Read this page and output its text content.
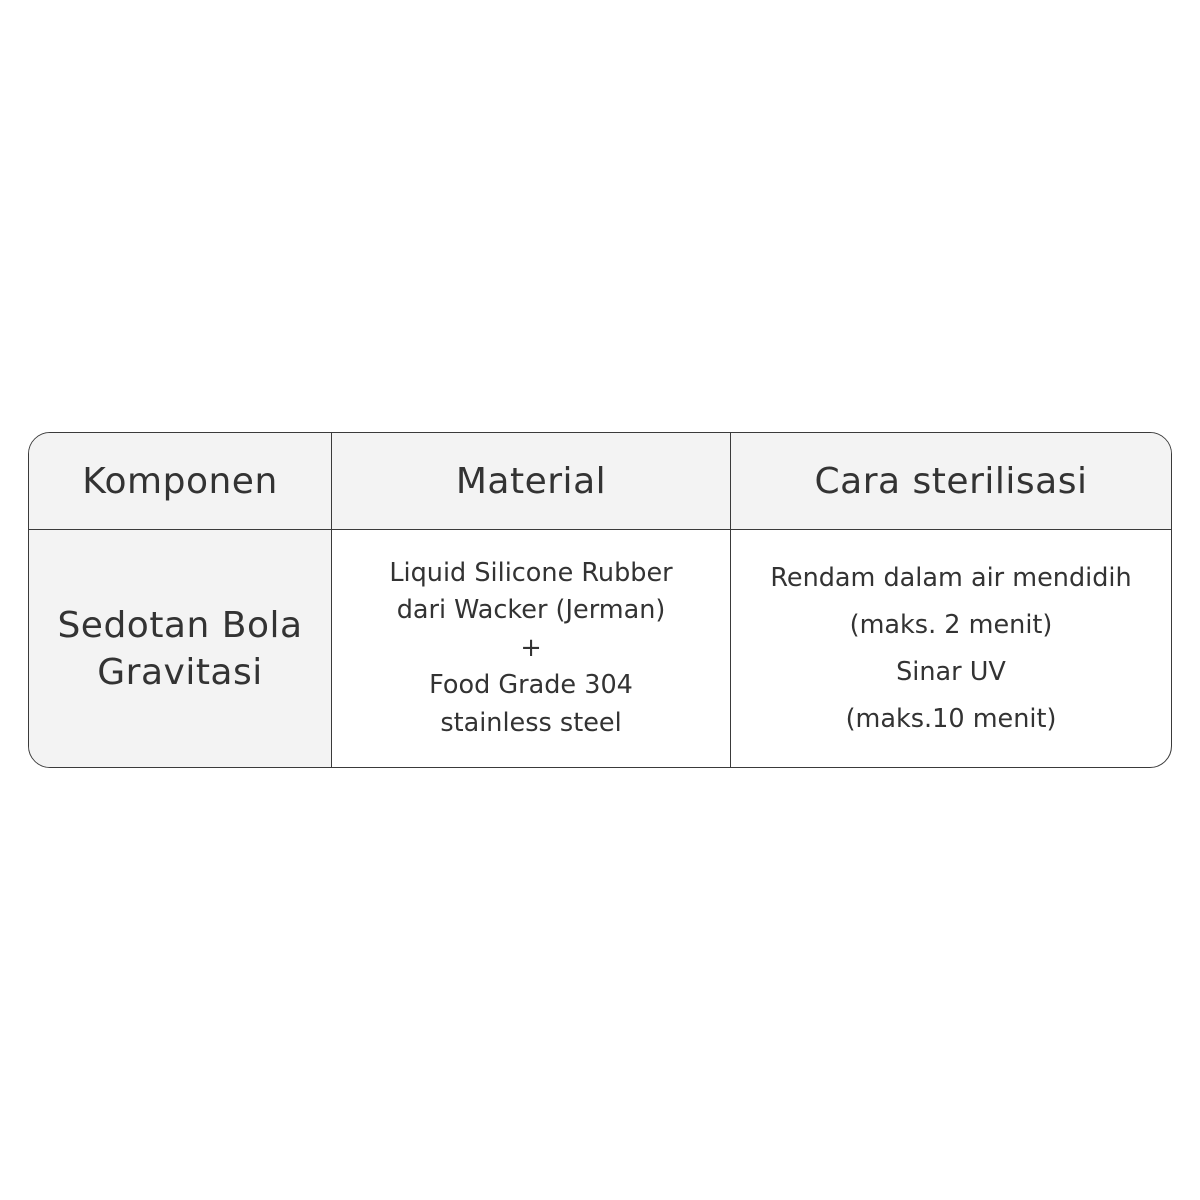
Komponen	Material	Cara sterilisasi
Sedotan Bola
Gravitasi
Liquid Silicone Rubber
dari Wacker (Jerman)
+
Food Grade 304
stainless steel
Rendam dalam air mendidih
(maks. 2 menit)
Sinar UV
(maks.10 menit)
